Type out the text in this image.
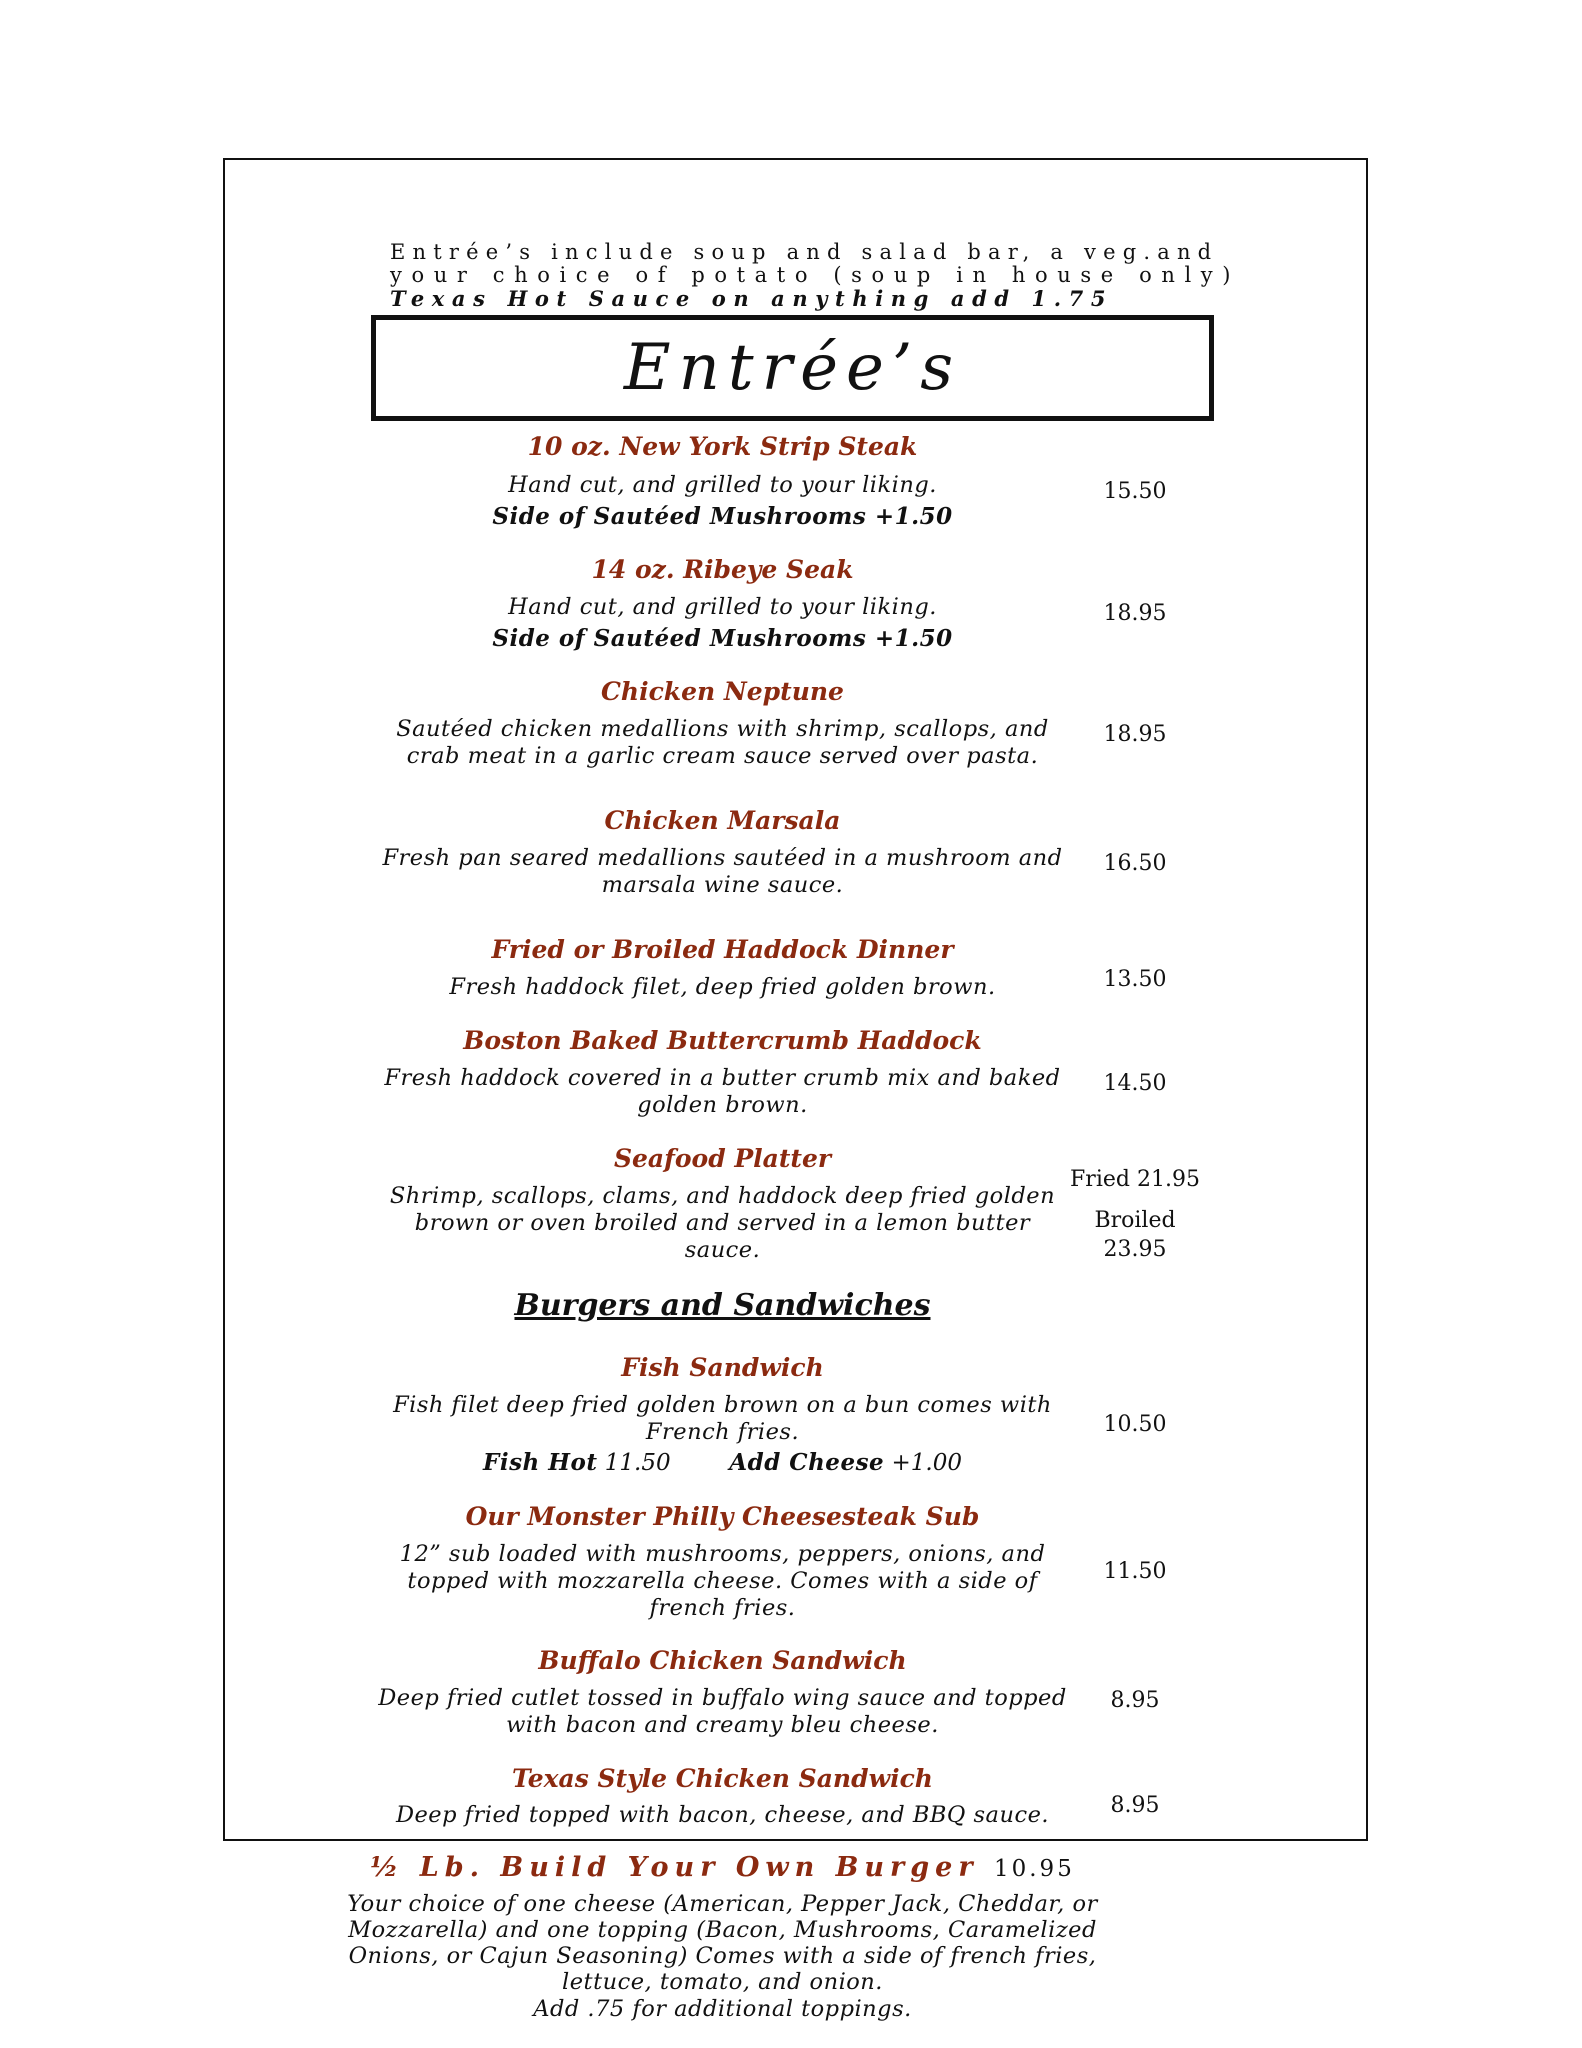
Entrée’s include soup and salad bar, a veg.and
your choice of potato (soup in house only)
Texas Hot Sauce on anything add 1.75
Entrée’s
10 oz. New York Strip Steak
Hand cut, and grilled to your liking.
Side of Sautéed Mushrooms +1.50
15.50
14 oz. Ribeye Seak
Hand cut, and grilled to your liking.
Side of Sautéed Mushrooms +1.50
18.95
Chicken Neptune
Sautéed chicken medallions with shrimp, scallops, and
crab meat in a garlic cream sauce served over pasta.
18.95
Chicken Marsala
Fresh pan seared medallions sautéed in a mushroom and
marsala wine sauce.
16.50
Fried or Broiled Haddock Dinner
Fresh haddock filet, deep fried golden brown.	13.50
Boston Baked Buttercrumb Haddock
Fresh haddock covered in a butter crumb mix and baked
golden brown.
14.50
Seafood Platter
Shrimp, scallops, clams, and haddock deep fried golden
brown or oven broiled and served in a lemon butter
sauce.
Fried 21.95
Broiled
23.95
Burgers and Sandwiches
Fish Sandwich
Fish filet deep fried golden brown on a bun comes with
French fries.
Fish Hot 11.50	Add Cheese +1.00
10.50
Our Monster Philly Cheesesteak Sub
12” sub loaded with mushrooms, peppers, onions, and
topped with mozzarella cheese. Comes with a side of
french fries.
11.50
Buffalo Chicken Sandwich
Deep fried cutlet tossed in buffalo wing sauce and topped
with bacon and creamy bleu cheese.
8.95
Texas Style Chicken Sandwich
Deep fried topped with bacon, cheese, and BBQ sauce.	8.95
½ Lb. Build Your Own Burger 10.95
Your choice of one cheese (American, Pepper Jack, Cheddar, or
Mozzarella) and one topping (Bacon, Mushrooms, Caramelized
Onions, or Cajun Seasoning) Comes with a side of french fries,
lettuce, tomato, and onion.
Add .75 for additional toppings.
